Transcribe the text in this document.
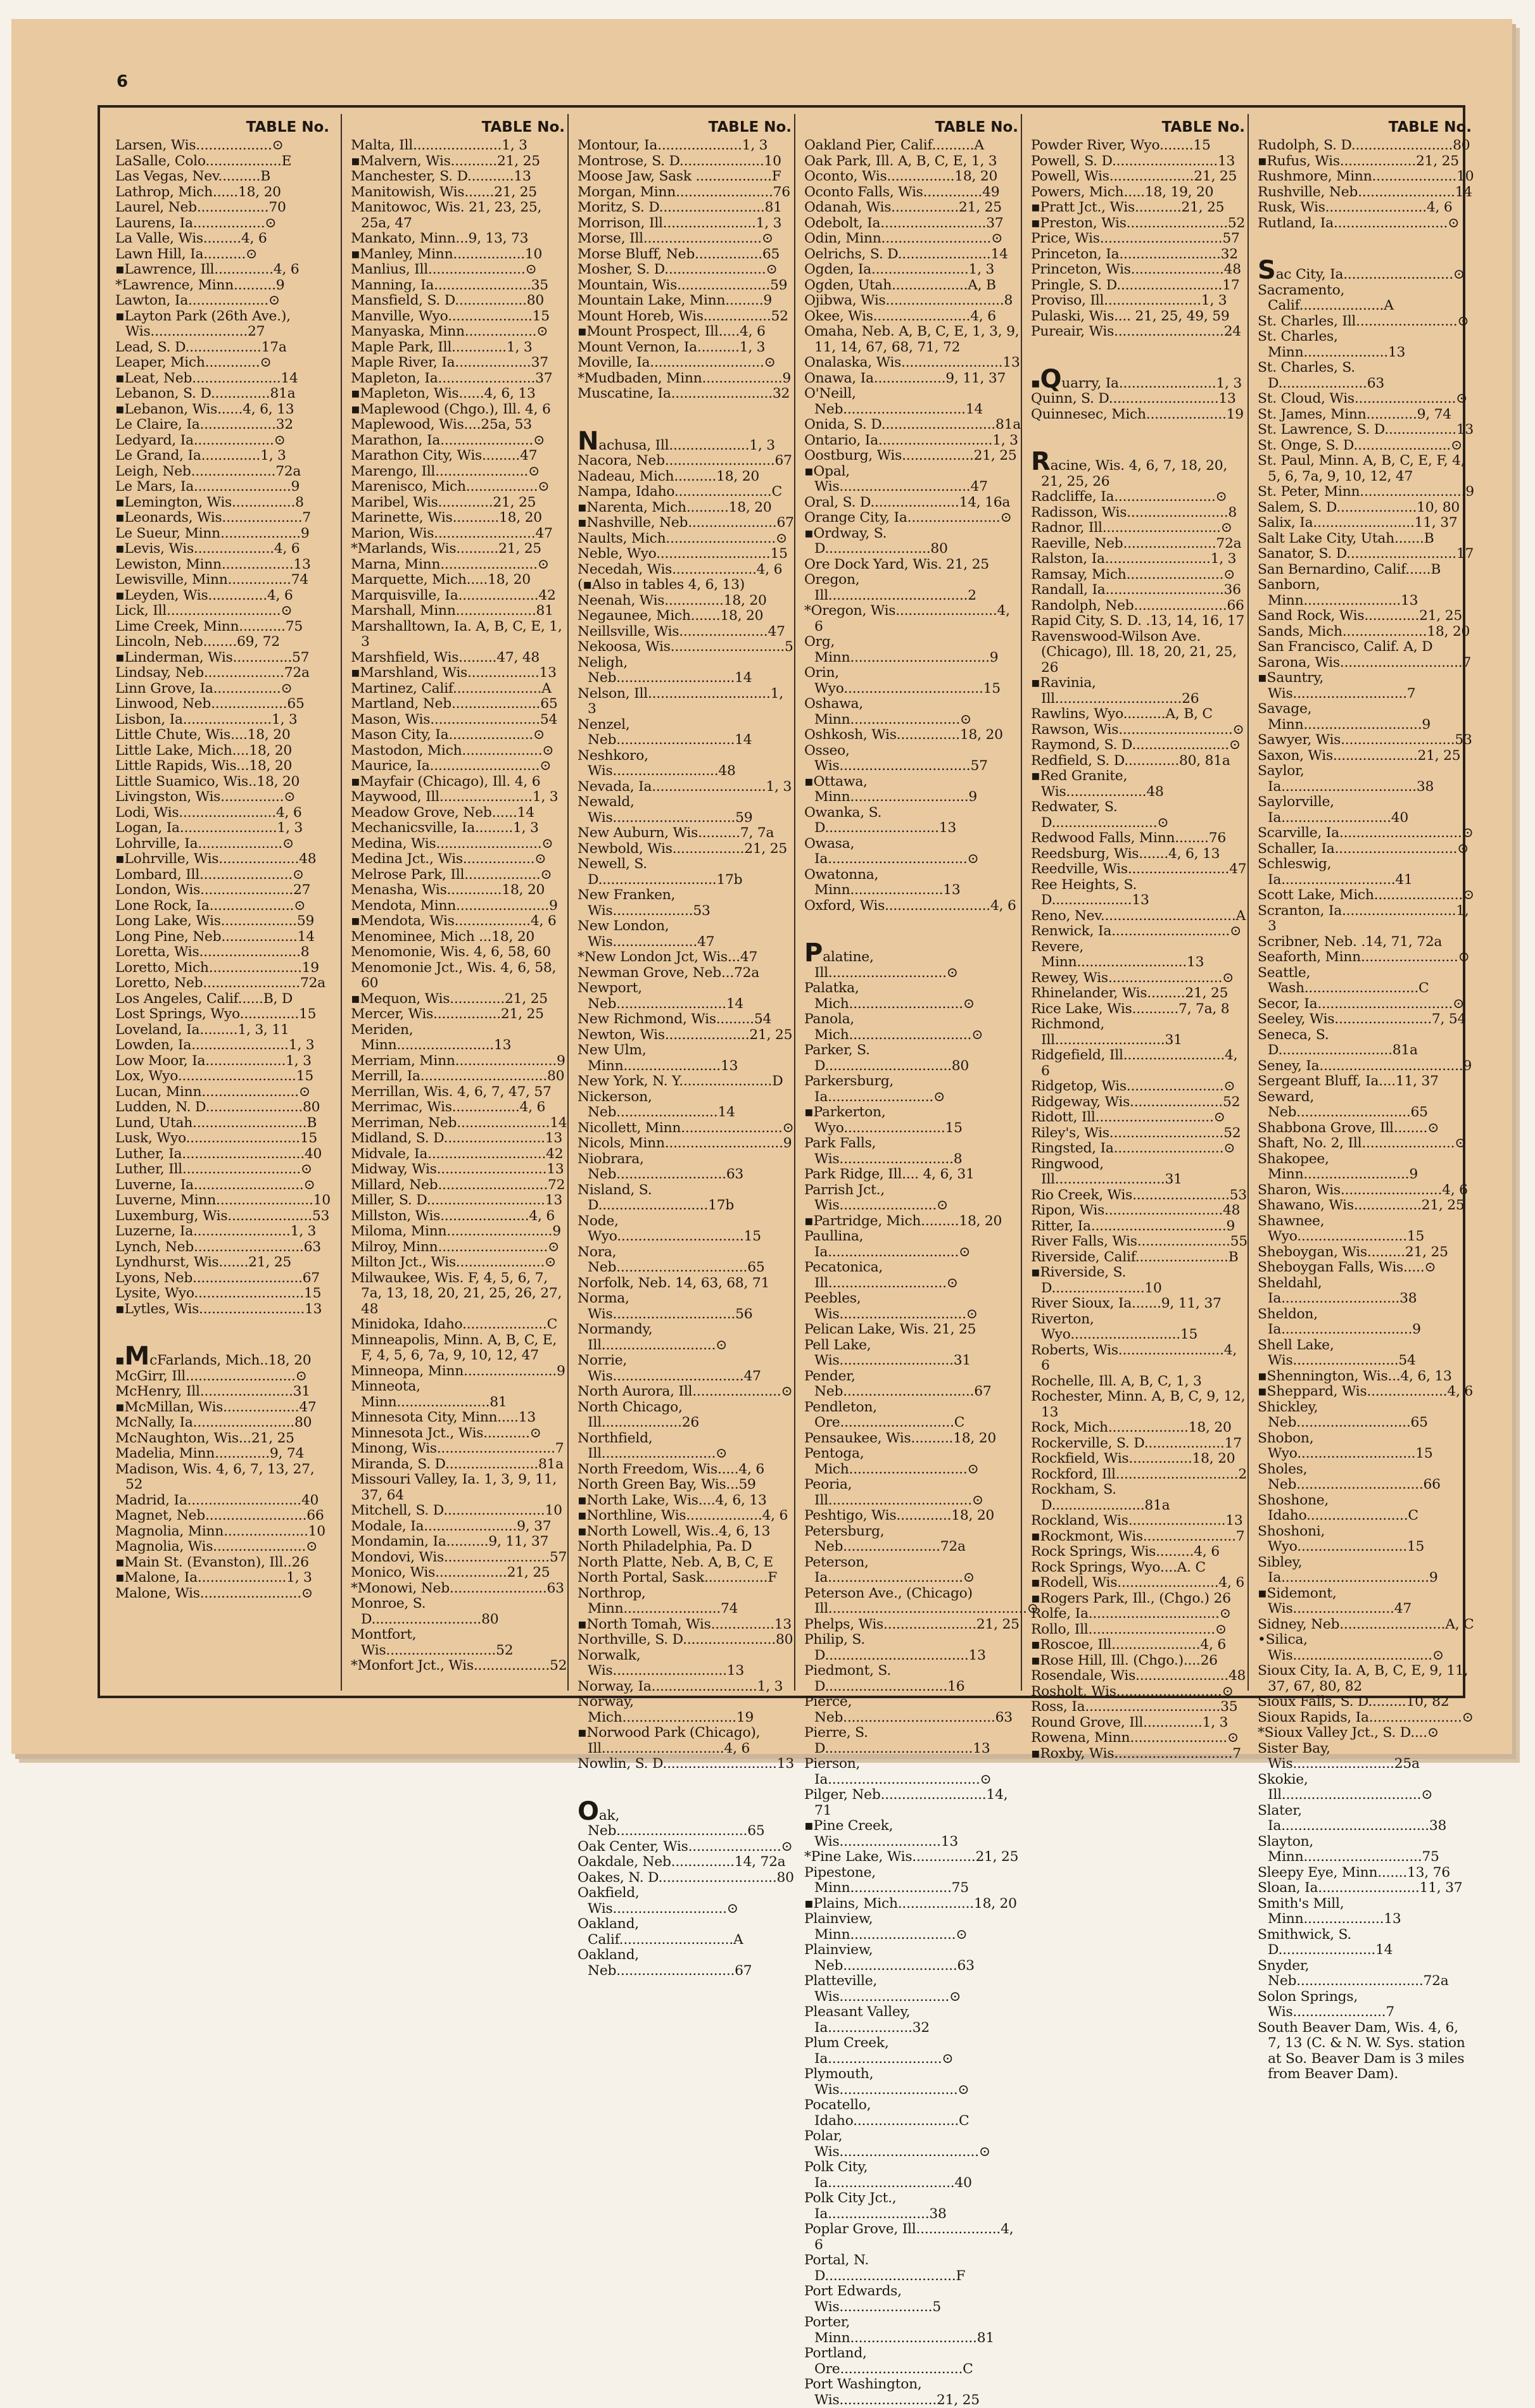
6
TABLE No.
Larsen, Wis..................⊙
LaSalle, Colo..................E
Las Vegas, Nev..........B
Lathrop, Mich......18, 20
Laurel, Neb.................70
Laurens, Ia.................⊙
La Valle, Wis.........4, 6
Lawn Hill, Ia..........⊙
▪Lawrence, Ill..............4, 6
*Lawrence, Minn..........9
Lawton, Ia...................⊙
▪Layton Park (26th Ave.), Wis.......................27
Lead, S. D..................17a
Leaper, Mich.............⊙
▪Leat, Neb.....................14
Lebanon, S. D..............81a
▪Lebanon, Wis......4, 6, 13
Le Claire, Ia..................32
Ledyard, Ia...................⊙
Le Grand, Ia..............1, 3
Leigh, Neb....................72a
Le Mars, Ia.......................9
▪Lemington, Wis...............8
▪Leonards, Wis...................7
Le Sueur, Minn...................9
▪Levis, Wis...................4, 6
Lewiston, Minn.................13
Lewisville, Minn...............74
▪Leyden, Wis..............4, 6
Lick, Ill...........................⊙
Lime Creek, Minn...........75
Lincoln, Neb........69, 72
▪Linderman, Wis..............57
Lindsay, Neb...................72a
Linn Grove, Ia................⊙
Linwood, Neb..................65
Lisbon, Ia.....................1, 3
Little Chute, Wis....18, 20
Little Lake, Mich....18, 20
Little Rapids, Wis...18, 20
Little Suamico, Wis..18, 20
Livingston, Wis...............⊙
Lodi, Wis.......................4, 6
Logan, Ia.......................1, 3
Lohrville, Ia....................⊙
▪Lohrville, Wis...................48
Lombard, Ill......................⊙
London, Wis......................27
Lone Rock, Ia....................⊙
Long Lake, Wis..................59
Long Pine, Neb..................14
Loretta, Wis........................8
Loretto, Mich......................19
Loretto, Neb.......................72a
Los Angeles, Calif......B, D
Lost Springs, Wyo..............15
Loveland, Ia.........1, 3, 11
Lowden, Ia.......................1, 3
Low Moor, Ia...................1, 3
Lox, Wyo............................15
Lucan, Minn.......................⊙
Ludden, N. D.......................80
Lund, Utah...........................B
Lusk, Wyo...........................15
Luther, Ia.............................40
Luther, Ill............................⊙
Luverne, Ia..........................⊙
Luverne, Minn.......................10
Luxemburg, Wis....................53
Luzerne, Ia.......................1, 3
Lynch, Neb..........................63
Lyndhurst, Wis.......21, 25
Lyons, Neb..........................67
Lysite, Wyo..........................15
▪Lytles, Wis.........................13
▪McFarlands, Mich..18, 20
McGirr, Ill..........................⊙
McHenry, Ill......................31
▪McMillan, Wis..................47
McNally, Ia........................80
McNaughton, Wis...21, 25
Madelia, Minn.............9, 74
Madison, Wis. 4, 6, 7, 13, 27, 52
Madrid, Ia...........................40
Magnet, Neb........................66
Magnolia, Minn....................10
Magnolia, Wis......................⊙
▪Main St. (Evanston), Ill..26
▪Malone, Ia.....................1, 3
Malone, Wis........................⊙
TABLE No.
Malta, Ill.....................1, 3
▪Malvern, Wis...........21, 25
Manchester, S. D...........13
Manitowish, Wis.......21, 25
Manitowoc, Wis. 21, 23, 25, 25a, 47
Mankato, Minn...9, 13, 73
▪Manley, Minn.................10
Manlius, Ill.......................⊙
Manning, Ia.......................35
Mansfield, S. D.................80
Manville, Wyo....................15
Manyaska, Minn.................⊙
Maple Park, Ill.............1, 3
Maple River, Ia..................37
Mapleton, Ia.......................37
▪Mapleton, Wis......4, 6, 13
▪Maplewood (Chgo.), Ill. 4, 6
Maplewood, Wis....25a, 53
Marathon, Ia......................⊙
Marathon City, Wis.........47
Marengo, Ill......................⊙
Marenisco, Mich.................⊙
Maribel, Wis.............21, 25
Marinette, Wis...........18, 20
Marion, Wis........................47
*Marlands, Wis..........21, 25
Marna, Minn.......................⊙
Marquette, Mich.....18, 20
Marquisville, Ia...................42
Marshall, Minn...................81
Marshalltown, Ia. A, B, C, E, 1, 3
Marshfield, Wis.........47, 48
▪Marshland, Wis.................13
Martinez, Calif.....................A
Martland, Neb.....................65
Mason, Wis..........................54
Mason City, Ia....................⊙
Mastodon, Mich...................⊙
Maurice, Ia..........................⊙
▪Mayfair (Chicago), Ill. 4, 6
Maywood, Ill......................1, 3
Meadow Grove, Neb......14
Mechanicsville, Ia.........1, 3
Medina, Wis.........................⊙
Medina Jct., Wis.................⊙
Melrose Park, Ill..................⊙
Menasha, Wis.............18, 20
Mendota, Minn......................9
▪Mendota, Wis..................4, 6
Menominee, Mich ...18, 20
Menomonie, Wis. 4, 6, 58, 60
Menomonie Jct., Wis. 4, 6, 58, 60
▪Mequon, Wis.............21, 25
Mercer, Wis................21, 25
Meriden, Minn.......................13
Merriam, Minn........................9
Merrill, Ia..............................80
Merrillan, Wis. 4, 6, 7, 47, 57
Merrimac, Wis................4, 6
Merriman, Neb......................14
Midland, S. D........................13
Midvale, Ia............................42
Midway, Wis..........................13
Millard, Neb..........................72
Miller, S. D............................13
Millston, Wis.....................4, 6
Miloma, Minn.........................9
Milroy, Minn..........................⊙
Milton Jct., Wis.....................⊙
Milwaukee, Wis. F, 4, 5, 6, 7, 7a, 13, 18, 20, 21, 25, 26, 27, 48
Minidoka, Idaho....................C
Minneapolis, Minn. A, B, C, E, F, 4, 5, 6, 7a, 9, 10, 12, 47
Minneopa, Minn......................9
Minneota, Minn......................81
Minnesota City, Minn.....13
Minnesota Jct., Wis...........⊙
Minong, Wis............................7
Miranda, S. D......................81a
Missouri Valley, Ia. 1, 3, 9, 11, 37, 64
Mitchell, S. D........................10
Modale, Ia......................9, 37
Mondamin, Ia..........9, 11, 37
Mondovi, Wis.........................57
Monico, Wis.................21, 25
*Monowi, Neb.......................63
Monroe, S. D..........................80
Montfort, Wis..........................52
*Monfort Jct., Wis..................52
TABLE No.
Montour, Ia....................1, 3
Montrose, S. D....................10
Moose Jaw, Sask ..................F
Morgan, Minn.......................76
Moritz, S. D.........................81
Morrison, Ill......................1, 3
Morse, Ill............................⊙
Morse Bluff, Neb................65
Mosher, S. D........................⊙
Mountain, Wis......................59
Mountain Lake, Minn.........9
Mount Horeb, Wis................52
▪Mount Prospect, Ill.....4, 6
Mount Vernon, Ia..........1, 3
Moville, Ia...........................⊙
*Mudbaden, Minn...................9
Muscatine, Ia........................32
Nachusa, Ill...................1, 3
Nacora, Neb..........................67
Nadeau, Mich..........18, 20
Nampa, Idaho.......................C
▪Narenta, Mich..........18, 20
▪Nashville, Neb.....................67
Naults, Mich..........................⊙
Neble, Wyo...........................15
Necedah, Wis....................4, 6
(▪Also in tables 4, 6, 13)
Neenah, Wis..............18, 20
Negaunee, Mich.......18, 20
Neillsville, Wis.....................47
Nekoosa, Wis...........................5
Neligh, Neb............................14
Nelson, Ill.............................1, 3
Nenzel, Neb............................14
Neshkoro, Wis.........................48
Nevada, Ia...........................1, 3
Newald, Wis.............................59
New Auburn, Wis..........7, 7a
Newbold, Wis.................21, 25
Newell, S. D............................17b
New Franken, Wis...................53
New London, Wis....................47
*New London Jct, Wis...47
Newman Grove, Neb...72a
Newport, Neb..........................14
New Richmond, Wis.........54
Newton, Wis....................21, 25
New Ulm, Minn.......................13
New York, N. Y......................D
Nickerson, Neb........................14
Nicollett, Minn........................⊙
Nicols, Minn............................9
Niobrara, Neb..........................63
Nisland, S. D..........................17b
Node, Wyo..............................15
Nora, Neb...............................65
Norfolk, Neb. 14, 63, 68, 71
Norma, Wis.............................56
Normandy, Ill...........................⊙
Norrie, Wis...............................47
North Aurora, Ill.....................⊙
North Chicago, Ill...................26
Northfield, Ill...........................⊙
North Freedom, Wis.....4, 6
North Green Bay, Wis...59
▪North Lake, Wis....4, 6, 13
▪Northline, Wis..................4, 6
▪North Lowell, Wis..4, 6, 13
North Philadelphia, Pa. D
North Platte, Neb. A, B, C, E
North Portal, Sask...............F
Northrop, Minn.......................74
▪North Tomah, Wis...............13
Northville, S. D......................80
Norwalk, Wis...........................13
Norway, Ia.........................1, 3
Norway, Mich...........................19
▪Norwood Park (Chicago), Ill.............................4, 6
Nowlin, S. D...........................13
Oak, Neb...............................65
Oak Center, Wis......................⊙
Oakdale, Neb...............14, 72a
Oakes, N. D............................80
Oakfield, Wis...........................⊙
Oakland, Calif...........................A
Oakland, Neb............................67
TABLE No.
Oakland Pier, Calif..........A
Oak Park, Ill. A, B, C, E, 1, 3
Oconto, Wis................18, 20
Oconto Falls, Wis..............49
Odanah, Wis................21, 25
Odebolt, Ia.........................37
Odin, Minn..........................⊙
Oelrichs, S. D......................14
Ogden, Ia.......................1, 3
Ogden, Utah..................A, B
Ojibwa, Wis............................8
Okee, Wis.......................4, 6
Omaha, Neb. A, B, C, E, 1, 3, 9, 11, 14, 67, 68, 71, 72
Onalaska, Wis........................13
Onawa, Ia.................9, 11, 37
O'Neill, Neb.............................14
Onida, S. D...........................81a
Ontario, Ia...........................1, 3
Oostburg, Wis.................21, 25
▪Opal, Wis...............................47
Oral, S. D.....................14, 16a
Orange City, Ia......................⊙
▪Ordway, S. D.........................80
Ore Dock Yard, Wis. 21, 25
Oregon, Ill.................................2
*Oregon, Wis........................4, 6
Org, Minn.................................9
Orin, Wyo.................................15
Oshawa, Minn..........................⊙
Oshkosh, Wis...............18, 20
Osseo, Wis...............................57
▪Ottawa, Minn............................9
Owanka, S. D...........................13
Owasa, Ia.................................⊙
Owatonna, Minn......................13
Oxford, Wis.........................4, 6
Palatine, Ill............................⊙
Palatka, Mich...........................⊙
Panola, Mich.............................⊙
Parker, S. D..............................80
Parkersburg, Ia.........................⊙
▪Parkerton, Wyo........................15
Park Falls, Wis...........................8
Park Ridge, Ill.... 4, 6, 31
Parrish Jct., Wis.......................⊙
▪Partridge, Mich.........18, 20
Paullina, Ia...............................⊙
Pecatonica, Ill............................⊙
Peebles, Wis..............................⊙
Pelican Lake, Wis. 21, 25
Pell Lake, Wis...........................31
Pender, Neb...............................67
Pendleton, Ore...........................C
Pensaukee, Wis..........18, 20
Pentoga, Mich............................⊙
Peoria, Ill..................................⊙
Peshtigo, Wis.............18, 20
Petersburg, Neb.......................72a
Peterson, Ia................................⊙
Peterson Ave., (Chicago) Ill...............................................⊙
Phelps, Wis......................21, 25
Philip, S. D..................................13
Piedmont, S. D.............................16
Pierce, Neb....................................63
Pierre, S. D...................................13
Pierson, Ia....................................⊙
Pilger, Neb.........................14, 71
▪Pine Creek, Wis........................13
*Pine Lake, Wis...............21, 25
Pipestone, Minn........................75
▪Plains, Mich..................18, 20
Plainview, Minn.........................⊙
Plainview, Neb...........................63
Platteville, Wis..........................⊙
Pleasant Valley, Ia....................32
Plum Creek, Ia...........................⊙
Plymouth, Wis............................⊙
Pocatello, Idaho.........................C
Polar, Wis.................................⊙
Polk City, Ia..............................40
Polk City Jct., Ia........................38
Poplar Grove, Ill....................4, 6
Portal, N. D...............................F
Port Edwards, Wis......................5
Porter, Minn..............................81
Portland, Ore.............................C
Port Washington, Wis.......................21, 25
TABLE No.
Powder River, Wyo........15
Powell, S. D.........................13
Powell, Wis....................21, 25
Powers, Mich.....18, 19, 20
▪Pratt Jct., Wis...........21, 25
▪Preston, Wis........................52
Price, Wis.............................57
Princeton, Ia........................32
Princeton, Wis......................48
Pringle, S. D.........................17
Proviso, Ill.......................1, 3
Pulaski, Wis.... 21, 25, 49, 59
Pureair, Wis..........................24
▪Quarry, Ia.......................1, 3
Quinn, S. D..........................13
Quinnesec, Mich...................19
Racine, Wis. 4, 6, 7, 18, 20, 21, 25, 26
Radcliffe, Ia........................⊙
Radisson, Wis........................8
Radnor, Ill............................⊙
Raeville, Neb......................72a
Ralston, Ia.........................1, 3
Ramsay, Mich.......................⊙
Randall, Ia............................36
Randolph, Neb......................66
Rapid City, S. D. .13, 14, 16, 17
Ravenswood-Wilson Ave. (Chicago), Ill. 18, 20, 21, 25, 26
▪Ravinia, Ill..............................26
Rawlins, Wyo..........A, B, C
Rawson, Wis...........................⊙
Raymond, S. D.......................⊙
Redfield, S. D.............80, 81a
▪Red Granite, Wis...................48
Redwater, S. D.........................⊙
Redwood Falls, Minn........76
Reedsburg, Wis.......4, 6, 13
Reedville, Wis........................47
Ree Heights, S. D...................13
Reno, Nev................................A
Renwick, Ia............................⊙
Revere, Minn..........................13
Rewey, Wis...........................⊙
Rhinelander, Wis.........21, 25
Rice Lake, Wis...........7, 7a, 8
Richmond, Ill..........................31
Ridgefield, Ill........................4, 6
Ridgetop, Wis.......................⊙
Ridgeway, Wis......................52
Ridott, Ill............................⊙
Riley's, Wis...........................52
Ringsted, Ia..........................⊙
Ringwood, Ill..........................31
Rio Creek, Wis.......................53
Ripon, Wis............................48
Ritter, Ia................................9
River Falls, Wis......................55
Riverside, Calif......................B
▪Riverside, S. D......................10
River Sioux, Ia.......9, 11, 37
Riverton, Wyo..........................15
Roberts, Wis.........................4, 6
Rochelle, Ill. A, B, C, 1, 3
Rochester, Minn. A, B, C, 9, 12, 13
Rock, Mich...................18, 20
Rockerville, S. D...................17
Rockfield, Wis...............18, 20
Rockford, Ill.............................2
Rockham, S. D......................81a
Rockland, Wis.......................13
▪Rockmont, Wis......................7
Rock Springs, Wis.........4, 6
Rock Springs, Wyo....A. C
▪Rodell, Wis........................4, 6
▪Rogers Park, Ill., (Chgo.) 26
Rolfe, Ia...............................⊙
Rollo, Ill..............................⊙
▪Roscoe, Ill.....................4, 6
▪Rose Hill, Ill. (Chgo.)....26
Rosendale, Wis......................48
Rosholt, Wis.........................⊙
Ross, Ia................................35
Round Grove, Ill..............1, 3
Rowena, Minn.......................⊙
▪Roxby, Wis............................7
TABLE No.
Rudolph, S. D........................80
▪Rufus, Wis..................21, 25
Rushmore, Minn....................10
Rushville, Neb.......................14
Rusk, Wis........................4, 6
Rutland, Ia...........................⊙
Sac City, Ia..........................⊙
Sacramento, Calif....................A
St. Charles, Ill........................⊙
St. Charles, Minn....................13
St. Charles, S. D.....................63
St. Cloud, Wis........................⊙
St. James, Minn............9, 74
St. Lawrence, S. D.................13
St. Onge, S. D.......................⊙
St. Paul, Minn. A, B, C, E, F, 4, 5, 6, 7a, 9, 10, 12, 47
St. Peter, Minn.........................9
Salem, S. D...................10, 80
Salix, Ia........................11, 37
Salt Lake City, Utah.......B
Sanator, S. D..........................17
San Bernardino, Calif......B
Sanborn, Minn.......................13
Sand Rock, Wis.............21, 25
Sands, Mich....................18, 20
San Francisco, Calif. A, D
Sarona, Wis.............................7
▪Sauntry, Wis...........................7
Savage, Minn............................9
Sawyer, Wis...........................53
Saxon, Wis....................21, 25
Saylor, Ia................................38
Saylorville, Ia..........................40
Scarville, Ia.............................⊙
Schaller, Ia.............................⊙
Schleswig, Ia...........................41
Scott Lake, Mich.....................⊙
Scranton, Ia...........................1, 3
Scribner, Neb. .14, 71, 72a
Seaforth, Minn.......................⊙
Seattle, Wash...........................C
Secor, Ia................................⊙
Seeley, Wis.......................7, 54
Seneca, S. D...........................81a
Seney, Ia..................................9
Sergeant Bluff, Ia....11, 37
Seward, Neb...........................65
Shabbona Grove, Ill........⊙
Shaft, No. 2, Ill......................⊙
Shakopee, Minn.........................9
Sharon, Wis........................4, 6
Shawano, Wis................21, 25
Shawnee, Wyo..........................15
Sheboygan, Wis.........21, 25
Sheboygan Falls, Wis.....⊙
Sheldahl, Ia............................38
Sheldon, Ia...............................9
Shell Lake, Wis.........................54
▪Shennington, Wis...4, 6, 13
▪Sheppard, Wis...................4, 6
Shickley, Neb...........................65
Shobon, Wyo............................15
Sholes, Neb..............................66
Shoshone, Idaho........................C
Shoshoni, Wyo..........................15
Sibley, Ia...................................9
▪Sidemont, Wis........................47
Sidney, Neb.........................A, C
•Silica, Wis.................................⊙
Sioux City, Ia. A, B, C, E, 9, 11, 37, 67, 80, 82
Sioux Falls, S. D.........10, 82
Sioux Rapids, Ia......................⊙
*Sioux Valley Jct., S. D....⊙
Sister Bay, Wis........................25a
Skokie, Ill.................................⊙
Slater, Ia...................................38
Slayton, Minn............................75
Sleepy Eye, Minn.......13, 76
Sloan, Ia........................11, 37
Smith's Mill, Minn...................13
Smithwick, S. D.......................14
Snyder, Neb..............................72a
Solon Springs, Wis......................7
South Beaver Dam, Wis. 4, 6, 7, 13 (C. & N. W. Sys. station at So. Beaver Dam is 3 miles from Beaver Dam).
